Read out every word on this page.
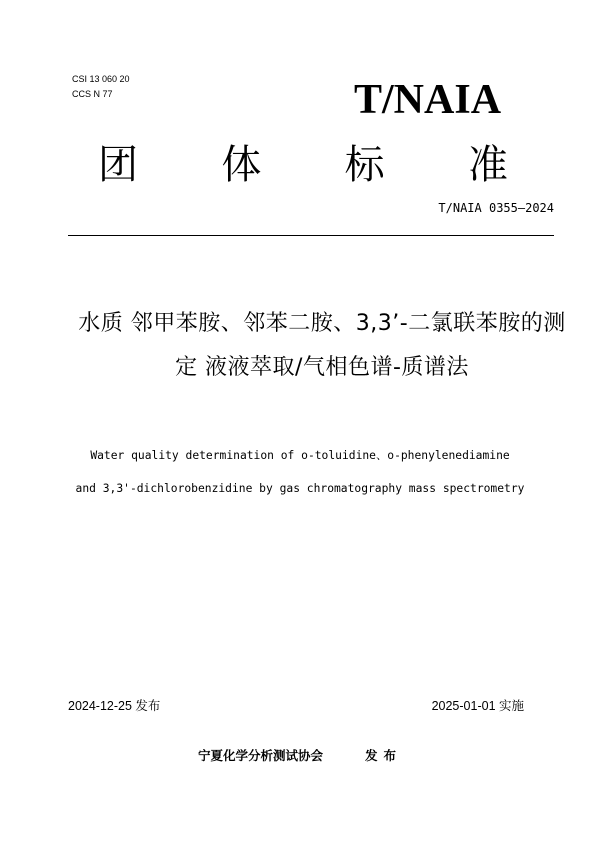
CSI 13 060 20
CCS N 77	T/NAIA
团 体 标 准
T/NAIA 0355—2024
水质 邻甲苯胺、邻苯二胺、3,3’-二氯联苯胺的测定 液液萃取/气相色谱-质谱法
Water quality determination of o-toluidine、o-phenylenediamine
and 3,3'-dichlorobenzidine by gas chromatography mass spectrometry
2024-12-25 发布	2025-01-01 实施
宁夏化学分析测试协会	发布
